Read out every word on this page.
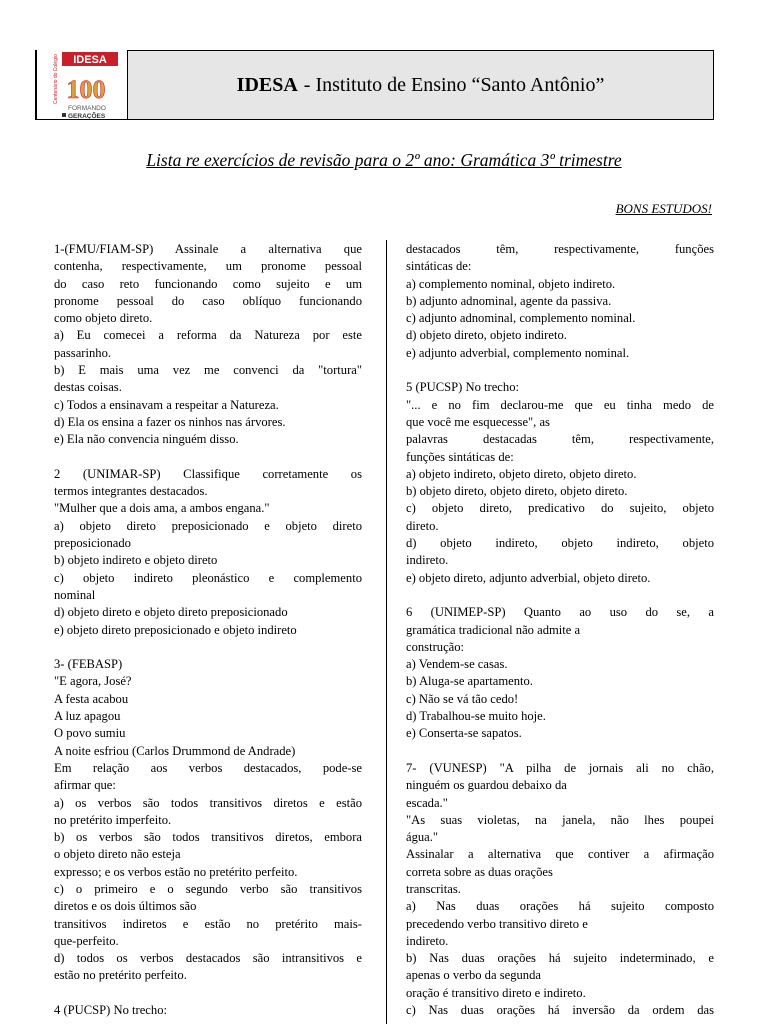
IDESA - Instituto de Ensino “Santo Antônio”
IDESA
Centenário do Colégio 100
FORMANDO
GERAÇÕES
Lista re exercícios de revisão para o 2º ano: Gramática 3º trimestre
BONS ESTUDOS!
1-(FMU/FIAM-SP) Assinale a alternativa que
contenha, respectivamente, um pronome pessoal
do caso reto funcionando como sujeito e um
pronome pessoal do caso oblíquo funcionando
como objeto direto.
a) Eu comecei a reforma da Natureza por este
passarinho.
b) E mais uma vez me convenci da "tortura"
destas coisas.
c) Todos a ensinavam a respeitar a Natureza.
d) Ela os ensina a fazer os ninhos nas árvores.
e) Ela não convencia ninguém disso.
2 (UNIMAR-SP) Classifique corretamente os
termos integrantes destacados.
"Mulher que a dois ama, a ambos engana."
a) objeto direto preposicionado e objeto direto
preposicionado
b) objeto indireto e objeto direto
c) objeto indireto pleonástico e complemento
nominal
d) objeto direto e objeto direto preposicionado
e) objeto direto preposicionado e objeto indireto
3- (FEBASP)
"E agora, José?
A festa acabou
A luz apagou
O povo sumiu
A noite esfriou (Carlos Drummond de Andrade)
Em relação aos verbos destacados, pode-se
afirmar que:
a) os verbos são todos transitivos diretos e estão
no pretérito imperfeito.
b) os verbos são todos transitivos diretos, embora
o objeto direto não esteja
expresso; e os verbos estão no pretérito perfeito.
c) o primeiro e o segundo verbo são transitivos
diretos e os dois últimos são
transitivos indiretos e estão no pretérito mais-
que-perfeito.
d) todos os verbos destacados são intransitivos e
estão no pretérito perfeito.
4 (PUCSP) No trecho:
destacados têm, respectivamente, funções
sintáticas de:
a) complemento nominal, objeto indireto.
b) adjunto adnominal, agente da passiva.
c) adjunto adnominal, complemento nominal.
d) objeto direto, objeto indireto.
e) adjunto adverbial, complemento nominal.
5 (PUCSP) No trecho:
"... e no fim declarou-me que eu tinha medo de
que você me esquecesse", as
palavras destacadas têm, respectivamente,
funções sintáticas de:
a) objeto indireto, objeto direto, objeto direto.
b) objeto direto, objeto direto, objeto direto.
c) objeto direto, predicativo do sujeito, objeto
direto.
d) objeto indireto, objeto indireto, objeto
indireto.
e) objeto direto, adjunto adverbial, objeto direto.
6 (UNIMEP-SP) Quanto ao uso do se, a
gramática tradicional não admite a
construção:
a) Vendem-se casas.
b) Aluga-se apartamento.
c) Não se vá tão cedo!
d) Trabalhou-se muito hoje.
e) Conserta-se sapatos.
7- (VUNESP) "A pilha de jornais ali no chão,
ninguém os guardou debaixo da
escada."
"As suas violetas, na janela, não lhes poupei
água."
Assinalar a alternativa que contiver a afirmação
correta sobre as duas orações
transcritas.
a) Nas duas orações há sujeito composto
precedendo verbo transitivo direto e
indireto.
b) Nas duas orações há sujeito indeterminado, e
apenas o verbo da segunda
oração é transitivo direto e indireto.
c) Nas duas orações há inversão da ordem das
